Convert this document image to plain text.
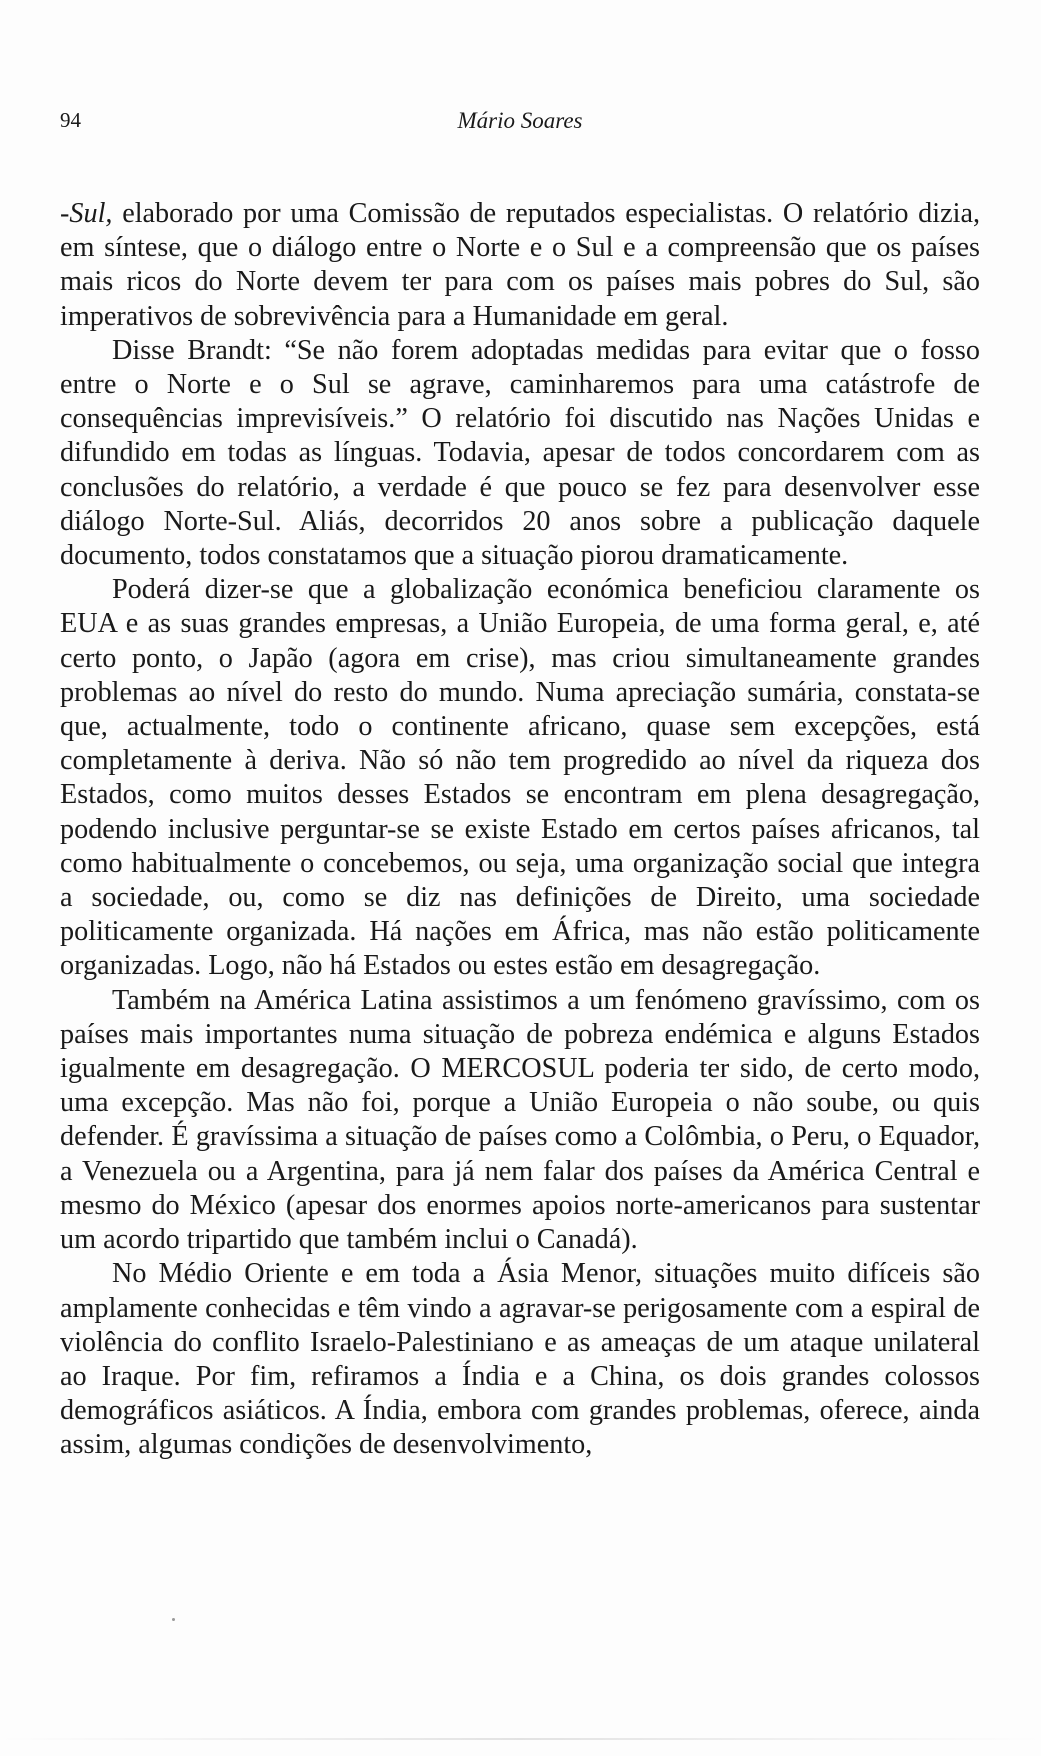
94	Mário Soares

-Sul, elaborado por uma Comissão de reputados especialistas. O relatório dizia, em síntese, que o diálogo entre o Norte e o Sul e a compreensão que os países mais ricos do Norte devem ter para com os países mais pobres do Sul, são imperativos de sobrevivência para a Humanidade em geral.

Disse Brandt: “Se não forem adoptadas medidas para evitar que o fosso entre o Norte e o Sul se agrave, caminharemos para uma catástrofe de consequências imprevisíveis.” O relatório foi discutido nas Nações Unidas e difundido em todas as línguas. Todavia, apesar de todos concordarem com as conclusões do relatório, a verdade é que pouco se fez para desenvolver esse diálogo Norte-Sul. Aliás, decorridos 20 anos sobre a publicação daquele documento, todos constatamos que a situação piorou dramaticamente.

Poderá dizer-se que a globalização económica beneficiou claramente os EUA e as suas grandes empresas, a União Europeia, de uma forma geral, e, até certo ponto, o Japão (agora em crise), mas criou simultaneamente grandes problemas ao nível do resto do mundo. Numa apreciação sumária, constata-se que, actualmente, todo o continente africano, quase sem excepções, está completamente à deriva. Não só não tem progredido ao nível da riqueza dos Estados, como muitos desses Estados se encontram em plena desagregação, podendo inclusive perguntar-se se existe Estado em certos países africanos, tal como habitualmente o concebemos, ou seja, uma organização social que integra a sociedade, ou, como se diz nas definições de Direito, uma sociedade politicamente organizada. Há nações em África, mas não estão politicamente organizadas. Logo, não há Estados ou estes estão em desagregação.

Também na América Latina assistimos a um fenómeno gravíssimo, com os países mais importantes numa situação de pobreza endémica e alguns Estados igualmente em desagregação. O MERCOSUL poderia ter sido, de certo modo, uma excepção. Mas não foi, porque a União Europeia o não soube, ou quis defender. É gravíssima a situação de países como a Colômbia, o Peru, o Equador, a Venezuela ou a Argentina, para já nem falar dos países da América Central e mesmo do México (apesar dos enormes apoios norte-americanos para sustentar um acordo tripartido que também inclui o Canadá).

No Médio Oriente e em toda a Ásia Menor, situações muito difíceis são amplamente conhecidas e têm vindo a agravar-se perigosamente com a espiral de violência do conflito Israelo-Palestiniano e as ameaças de um ataque unilateral ao Iraque. Por fim, refiramos a Índia e a China, os dois grandes colossos demográficos asiáticos. A Índia, embora com grandes problemas, oferece, ainda assim, algumas condições de desenvolvimento,
